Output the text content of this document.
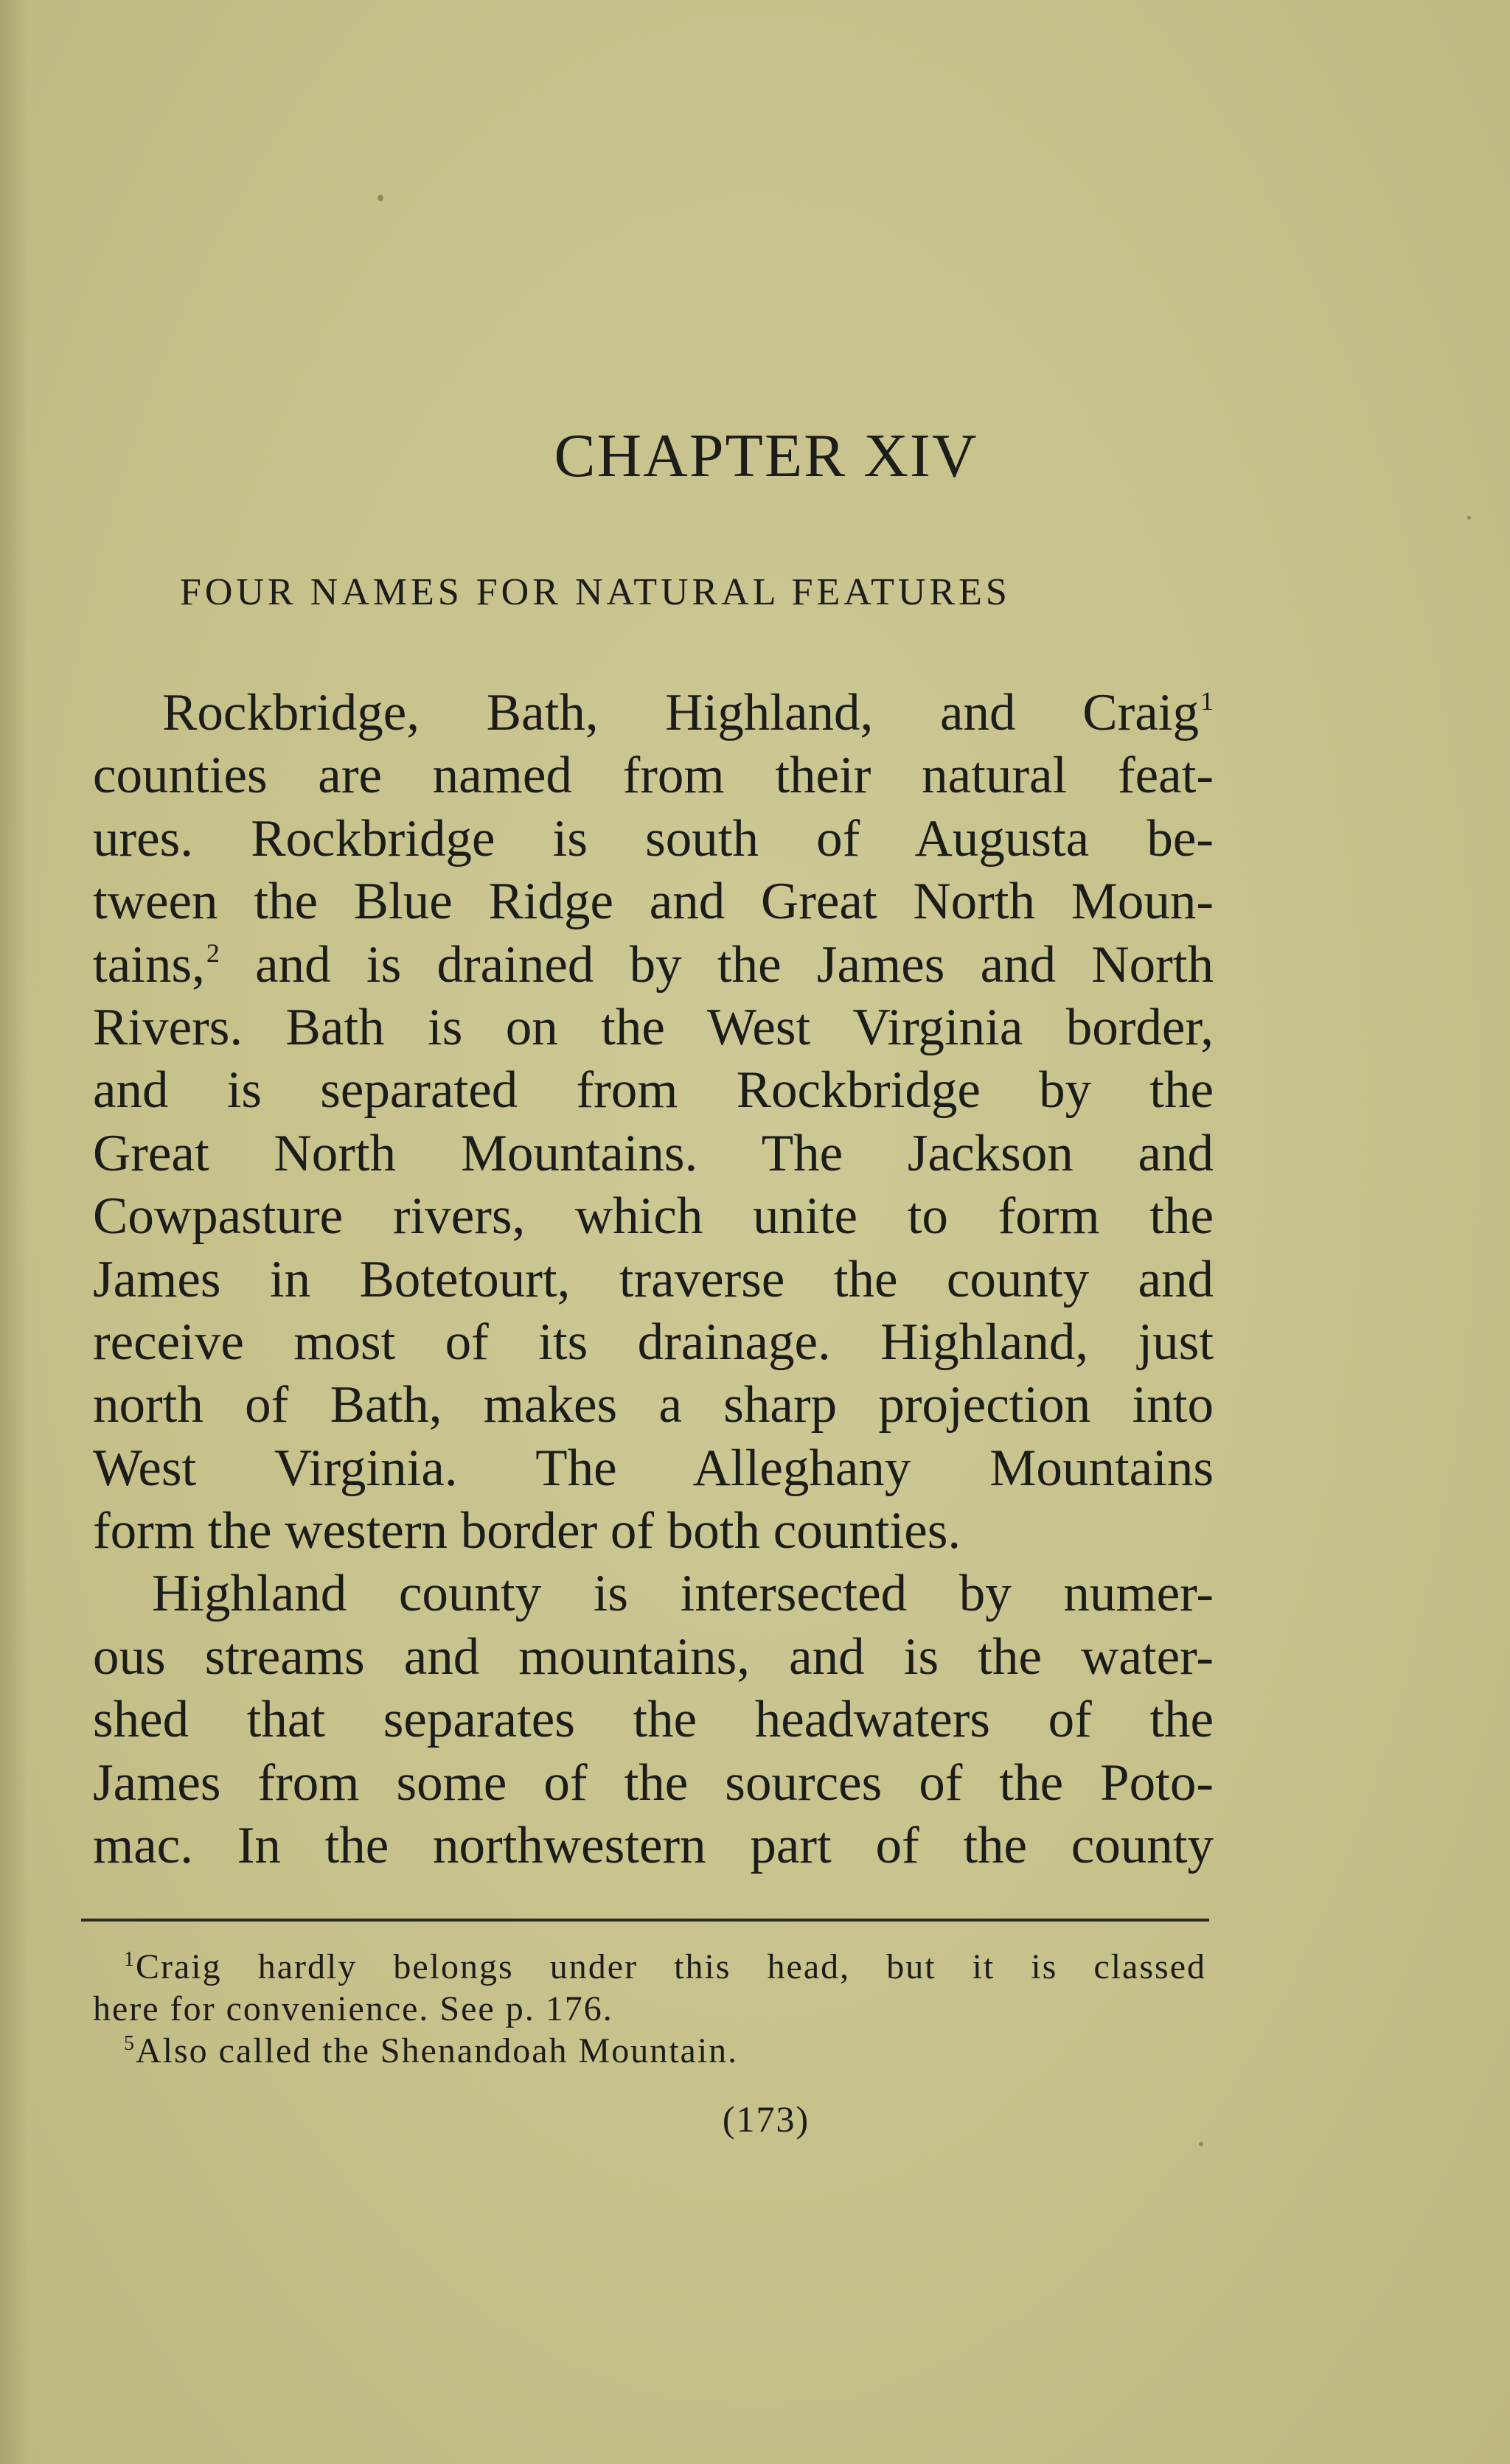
CHAPTER XIV
FOUR NAMES FOR NATURAL FEATURES
Rockbridge, Bath, Highland, and Craig$^1$
counties are named from their natural feat-
ures. Rockbridge is south of Augusta be-
tween the Blue Ridge and Great North Moun-
tains,$^2$ and is drained by the James and North
Rivers. Bath is on the West Virginia border,
and is separated from Rockbridge by the
Great North Mountains. The Jackson and
Cowpasture rivers, which unite to form the
James in Botetourt, traverse the county and
receive most of its drainage. Highland, just
north of Bath, makes a sharp projection into
West Virginia. The Alleghany Mountains
form the western border of both counties.
Highland county is intersected by numer-
ous streams and mountains, and is the water-
shed that separates the headwaters of the
James from some of the sources of the Poto-
mac. In the northwestern part of the county
$^1$Craig hardly belongs under this head, but it is classed
here for convenience. See p. 176.
$^5$Also called the Shenandoah Mountain.
(173)
